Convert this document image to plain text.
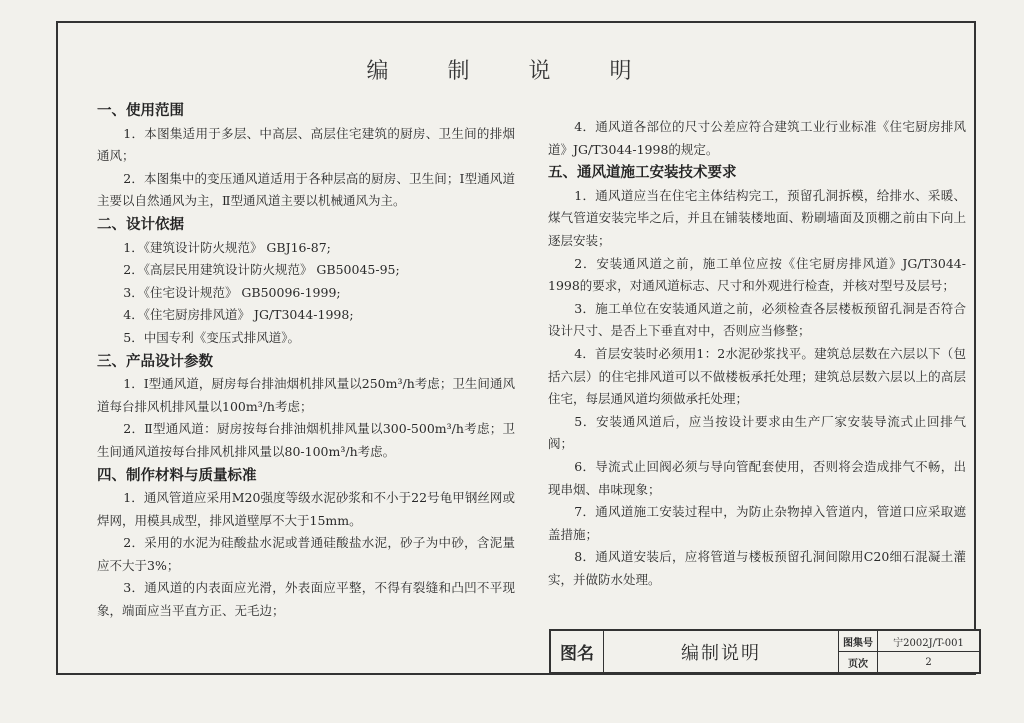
编 制 说 明
一、使用范围
1．本图集适用于多层、中高层、高层住宅建筑的厨房、卫生间的排烟通风；
2．本图集中的变压通风道适用于各种层高的厨房、卫生间；Ⅰ型通风道主要以自然通风为主，Ⅱ型通风道主要以机械通风为主。
二、设计依据
1．《建筑设计防火规范》 GBJ16-87;
2．《高层民用建筑设计防火规范》 GB50045-95;
3．《住宅设计规范》 GB50096-1999;
4．《住宅厨房排风道》 JG/T3044-1998;
5．中国专利《变压式排风道》。
三、产品设计参数
1．Ⅰ型通风道，厨房每台排油烟机排风量以250m³/h考虑；卫生间通风道每台排风机排风量以100m³/h考虑；
2．Ⅱ型通风道：厨房按每台排油烟机排风量以300-500m³/h考虑；卫生间通风道按每台排风机排风量以80-100m³/h考虑。
四、制作材料与质量标准
1．通风管道应采用M20强度等级水泥砂浆和不小于22号龟甲钢丝网或焊网，用模具成型，排风道壁厚不大于15mm。
2．采用的水泥为硅酸盐水泥或普通硅酸盐水泥，砂子为中砂，含泥量应不大于3%；
3．通风道的内表面应光滑，外表面应平整，不得有裂缝和凸凹不平现象，端面应当平直方正、无毛边；
4．通风道各部位的尺寸公差应符合建筑工业行业标准《住宅厨房排风道》JG/T3044-1998的规定。
五、通风道施工安装技术要求
1．通风道应当在住宅主体结构完工，预留孔洞拆模，给排水、采暖、煤气管道安装完毕之后，并且在铺装楼地面、粉刷墙面及顶棚之前由下向上逐层安装；
2．安装通风道之前，施工单位应按《住宅厨房排风道》JG/T3044-1998的要求，对通风道标志、尺寸和外观进行检查，并核对型号及层号；
3．施工单位在安装通风道之前，必须检查各层楼板预留孔洞是否符合设计尺寸、是否上下垂直对中，否则应当修整；
4．首层安装时必须用1：2水泥砂浆找平。建筑总层数在六层以下（包括六层）的住宅排风道可以不做楼板承托处理；建筑总层数六层以上的高层住宅，每层通风道均须做承托处理；
5．安装通风道后，应当按设计要求由生产厂家安装导流式止回排气阀；
6．导流式止回阀必须与导向管配套使用，否则将会造成排气不畅，出现串烟、串味现象；
7．通风道施工安装过程中，为防止杂物掉入管道内，管道口应采取遮盖措施；
8．通风道安装后，应将管道与楼板预留孔洞间隙用C20细石混凝土灌实，并做防水处理。
图名	编制说明	图集号	宁2002J/T-001
页次	2
